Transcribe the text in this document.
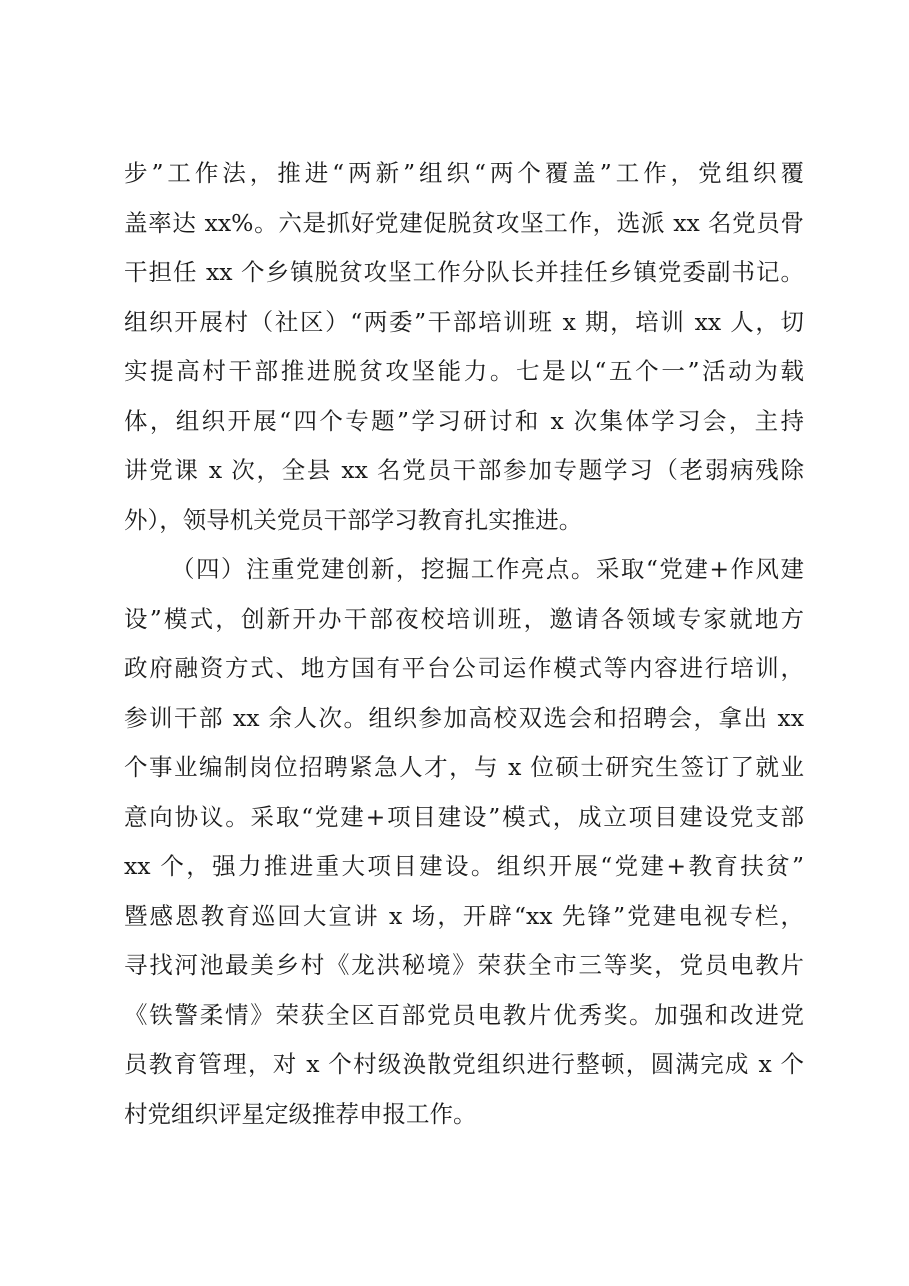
步”工作法，推进“两新”组织“两个覆盖”工作，党组织覆
盖率达 xx%。六是抓好党建促脱贫攻坚工作，选派 xx 名党员骨
干担任 xx 个乡镇脱贫攻坚工作分队长并挂任乡镇党委副书记。
组织开展村（社区）“两委”干部培训班 x 期，培训 xx 人，切
实提高村干部推进脱贫攻坚能力。七是以“五个一”活动为载
体，组织开展“四个专题”学习研讨和 x 次集体学习会，主持
讲党课 x 次，全县 xx 名党员干部参加专题学习（老弱病残除
外），领导机关党员干部学习教育扎实推进。
（四）注重党建创新，挖掘工作亮点。采取“党建+作风建
设”模式，创新开办干部夜校培训班，邀请各领域专家就地方
政府融资方式、地方国有平台公司运作模式等内容进行培训，
参训干部 xx 余人次。组织参加高校双选会和招聘会，拿出 xx
个事业编制岗位招聘紧急人才，与 x 位硕士研究生签订了就业
意向协议。采取“党建+项目建设”模式，成立项目建设党支部
xx 个，强力推进重大项目建设。组织开展“党建+教育扶贫”
暨感恩教育巡回大宣讲 x 场，开辟“xx 先锋”党建电视专栏，
寻找河池最美乡村《龙洪秘境》荣获全市三等奖，党员电教片
《铁警柔情》荣获全区百部党员电教片优秀奖。加强和改进党
员教育管理，对 x 个村级涣散党组织进行整顿，圆满完成 x 个
村党组织评星定级推荐申报工作。
